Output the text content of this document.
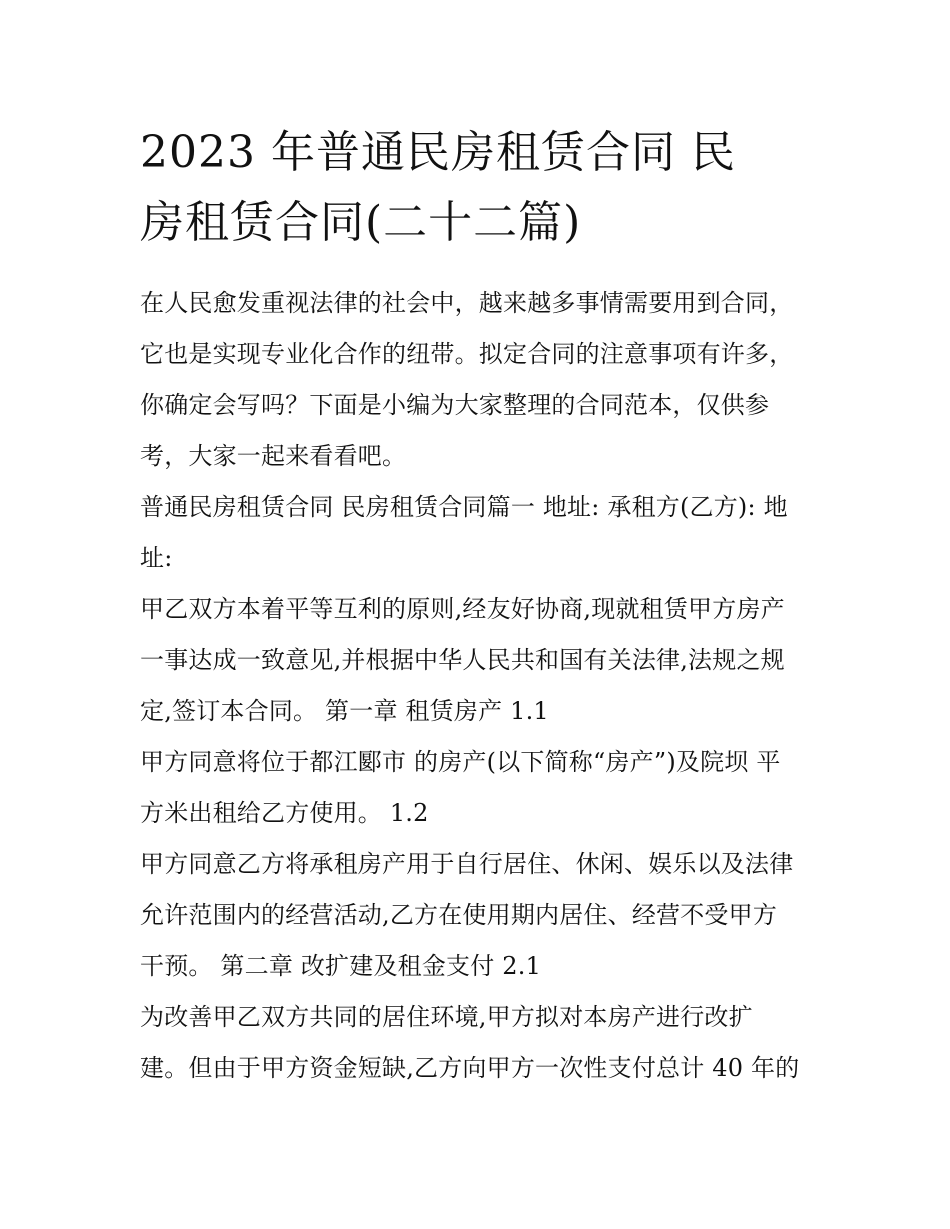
2023 年普通民房租赁合同 民
房租赁合同(二十二篇)

在人民愈发重视法律的社会中，越来越多事情需要用到合同，
它也是实现专业化合作的纽带。拟定合同的注意事项有许多，
你确定会写吗？下面是小编为大家整理的合同范本，仅供参
考，大家一起来看看吧。

普通民房租赁合同 民房租赁合同篇一 地址: 承租方(乙方): 地
址:

甲乙双方本着平等互利的原则,经友好协商,现就租赁甲方房产
一事达成一致意见,并根据中华人民共和国有关法律,法规之规
定,签订本合同。 第一章 租赁房产 1.1

甲方同意将位于都江郾市 的房产(以下简称“房产”)及院坝 平
方米出租给乙方使用。 1.2

甲方同意乙方将承租房产用于自行居住、休闲、娱乐以及法律
允许范围内的经营活动,乙方在使用期内居住、经营不受甲方
干预。 第二章 改扩建及租金支付 2.1

为改善甲乙双方共同的居住环境,甲方拟对本房产进行改扩
建。但由于甲方资金短缺,乙方向甲方一次性支付总计 40 年的
